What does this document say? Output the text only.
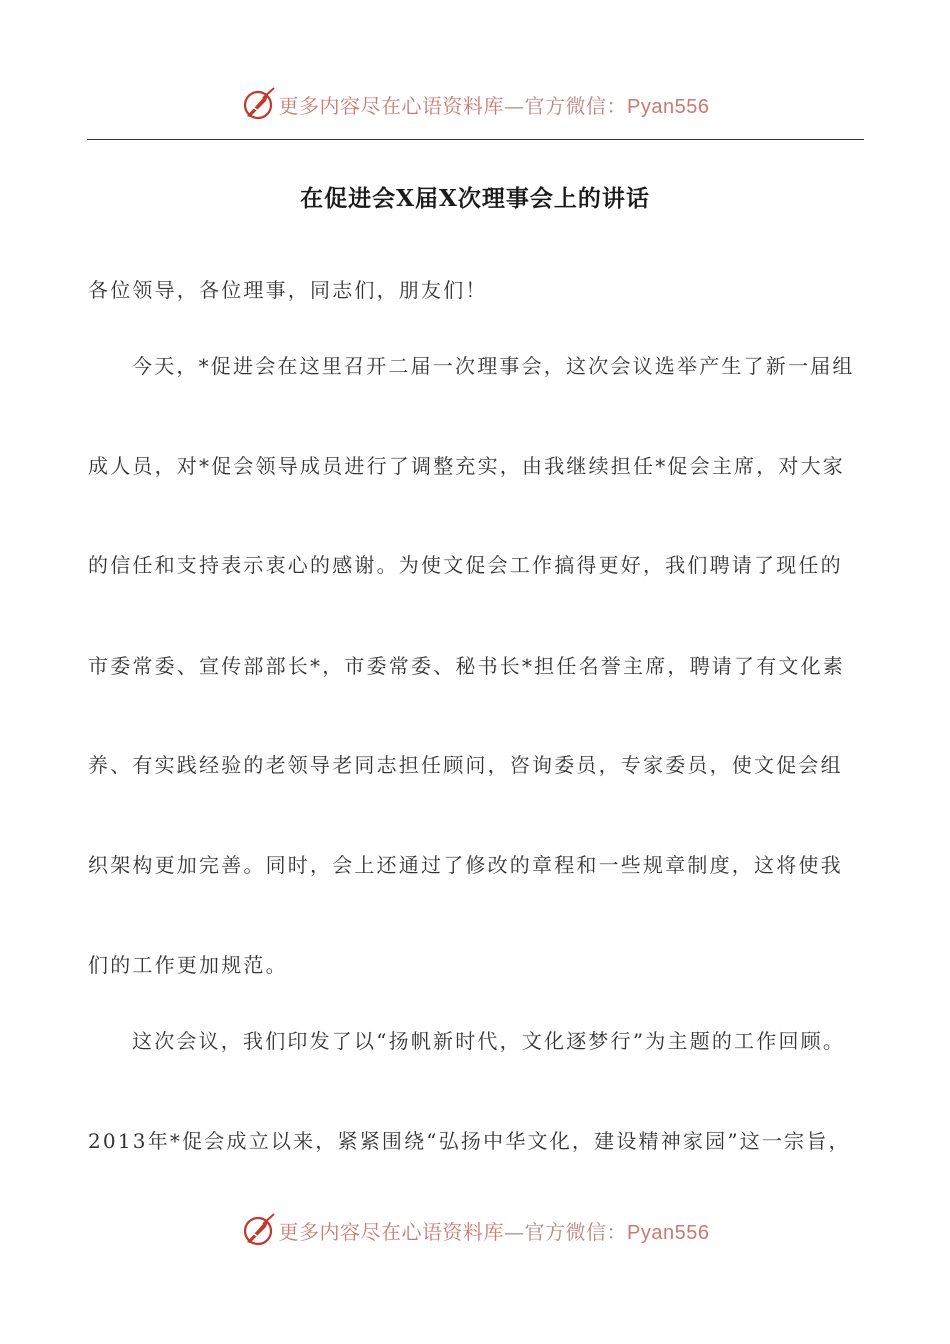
更多内容尽在心语资料库—官方微信：Pyan556
在促进会X届X次理事会上的讲话
各位领导，各位理事，同志们，朋友们！
今天，*促进会在这里召开二届一次理事会，这次会议选举产生了新一届组
成人员，对*促会领导成员进行了调整充实，由我继续担任*促会主席，对大家
的信任和支持表示衷心的感谢。为使文促会工作搞得更好，我们聘请了现任的
市委常委、宣传部部长*，市委常委、秘书长*担任名誉主席，聘请了有文化素
养、有实践经验的老领导老同志担任顾问，咨询委员，专家委员，使文促会组
织架构更加完善。同时，会上还通过了修改的章程和一些规章制度，这将使我
们的工作更加规范。
这次会议，我们印发了以“扬帆新时代，文化逐梦行”为主题的工作回顾。
2013年*促会成立以来，紧紧围绕“弘扬中华文化，建设精神家园”这一宗旨，
更多内容尽在心语资料库—官方微信：Pyan556
